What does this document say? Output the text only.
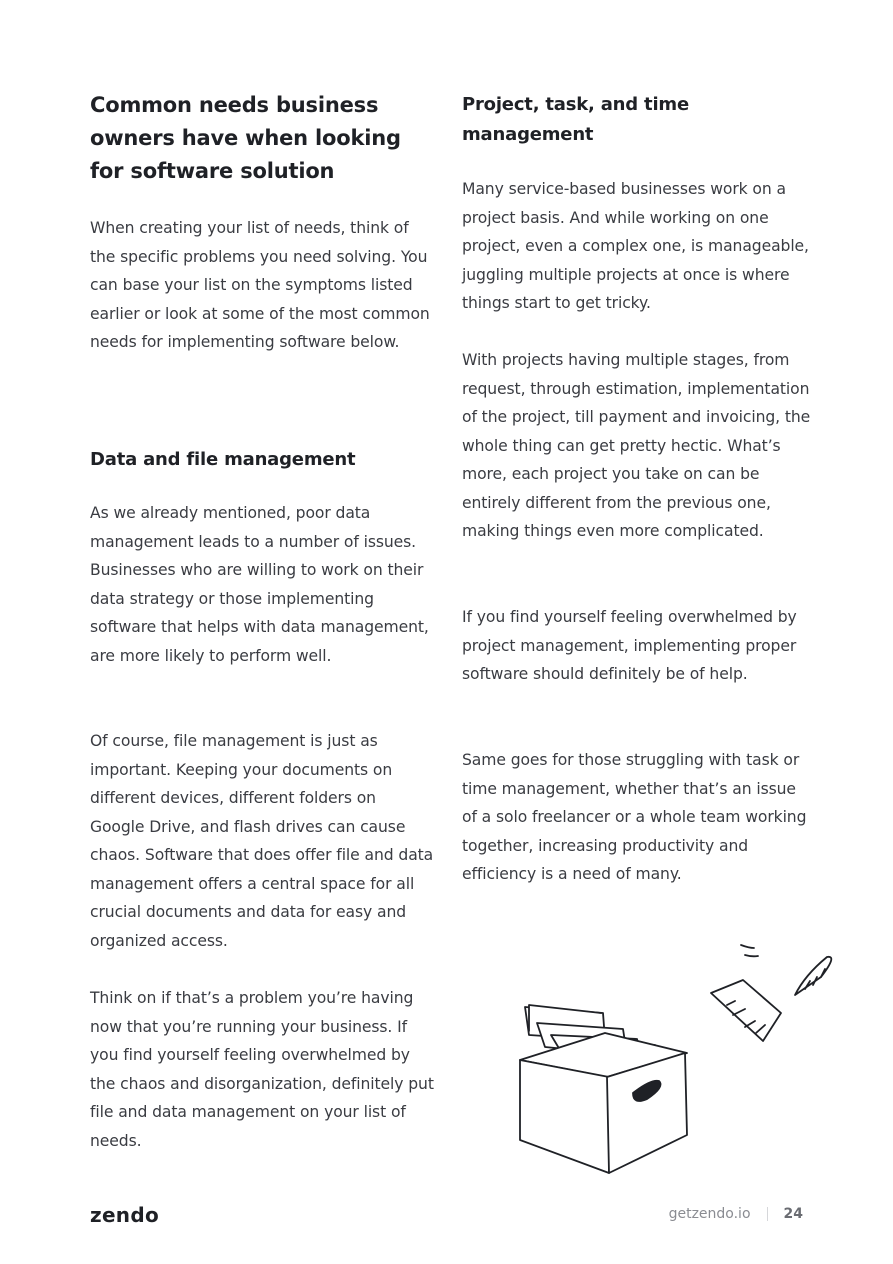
Common needs business owners have when looking for software solution

When creating your list of needs, think of the specific problems you need solving. You can base your list on the symptoms listed earlier or look at some of the most common needs for implementing software below.

Data and file management

As we already mentioned, poor data management leads to a number of issues. Businesses who are willing to work on their data strategy or those implementing software that helps with data management, are more likely to perform well.

Of course, file management is just as important. Keeping your documents on different devices, different folders on Google Drive, and flash drives can cause chaos. Software that does offer file and data management offers a central space for all crucial documents and data for easy and organized access.

Think on if that’s a problem you’re having now that you’re running your business. If you find yourself feeling overwhelmed by the chaos and disorganization, definitely put file and data management on your list of needs.

Project, task, and time management

Many service-based businesses work on a project basis. And while working on one project, even a complex one, is manageable, juggling multiple projects at once is where things start to get tricky.

With projects having multiple stages, from request, through estimation, implementation of the project, till payment and invoicing, the whole thing can get pretty hectic. What’s more, each project you take on can be entirely different from the previous one, making things even more complicated.

If you find yourself feeling overwhelmed by project management, implementing proper software should definitely be of help.

Same goes for those struggling with task or time management, whether that’s an issue of a solo freelancer or a whole team working together, increasing productivity and efficiency is a need of many.

zendo	getzendo.io 24
